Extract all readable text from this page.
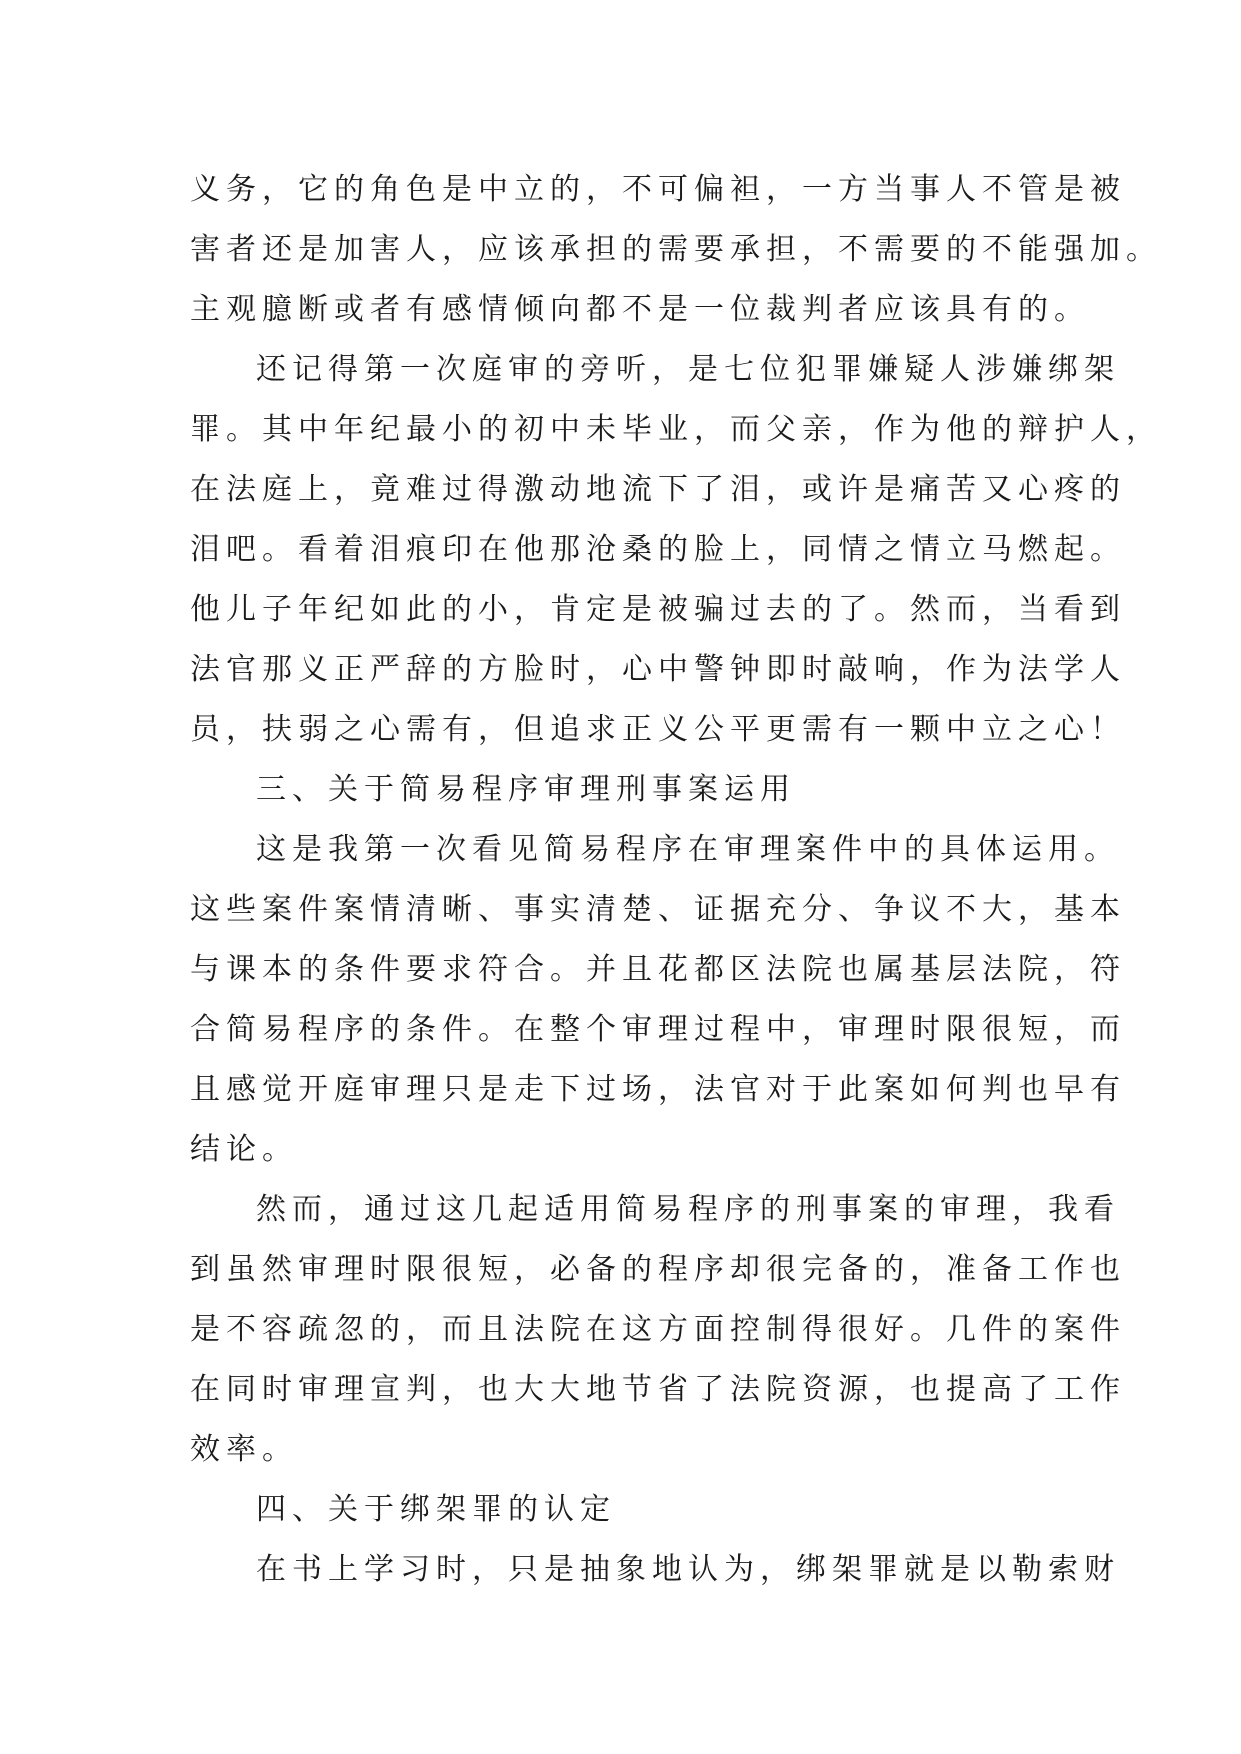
义务，它的角色是中立的，不可偏袒，一方当事人不管是被
害者还是加害人，应该承担的需要承担，不需要的不能强加。
主观臆断或者有感情倾向都不是一位裁判者应该具有的。
还记得第一次庭审的旁听，是七位犯罪嫌疑人涉嫌绑架
罪。其中年纪最小的初中未毕业，而父亲，作为他的辩护人，
在法庭上，竟难过得激动地流下了泪，或许是痛苦又心疼的
泪吧。看着泪痕印在他那沧桑的脸上，同情之情立马燃起。
他儿子年纪如此的小，肯定是被骗过去的了。然而，当看到
法官那义正严辞的方脸时，心中警钟即时敲响，作为法学人
员，扶弱之心需有，但追求正义公平更需有一颗中立之心！
三、关于简易程序审理刑事案运用
这是我第一次看见简易程序在审理案件中的具体运用。
这些案件案情清晰、事实清楚、证据充分、争议不大，基本
与课本的条件要求符合。并且花都区法院也属基层法院，符
合简易程序的条件。在整个审理过程中，审理时限很短，而
且感觉开庭审理只是走下过场，法官对于此案如何判也早有
结论。
然而，通过这几起适用简易程序的刑事案的审理，我看
到虽然审理时限很短，必备的程序却很完备的，准备工作也
是不容疏忽的，而且法院在这方面控制得很好。几件的案件
在同时审理宣判，也大大地节省了法院资源，也提高了工作
效率。
四、关于绑架罪的认定
在书上学习时，只是抽象地认为，绑架罪就是以勒索财
